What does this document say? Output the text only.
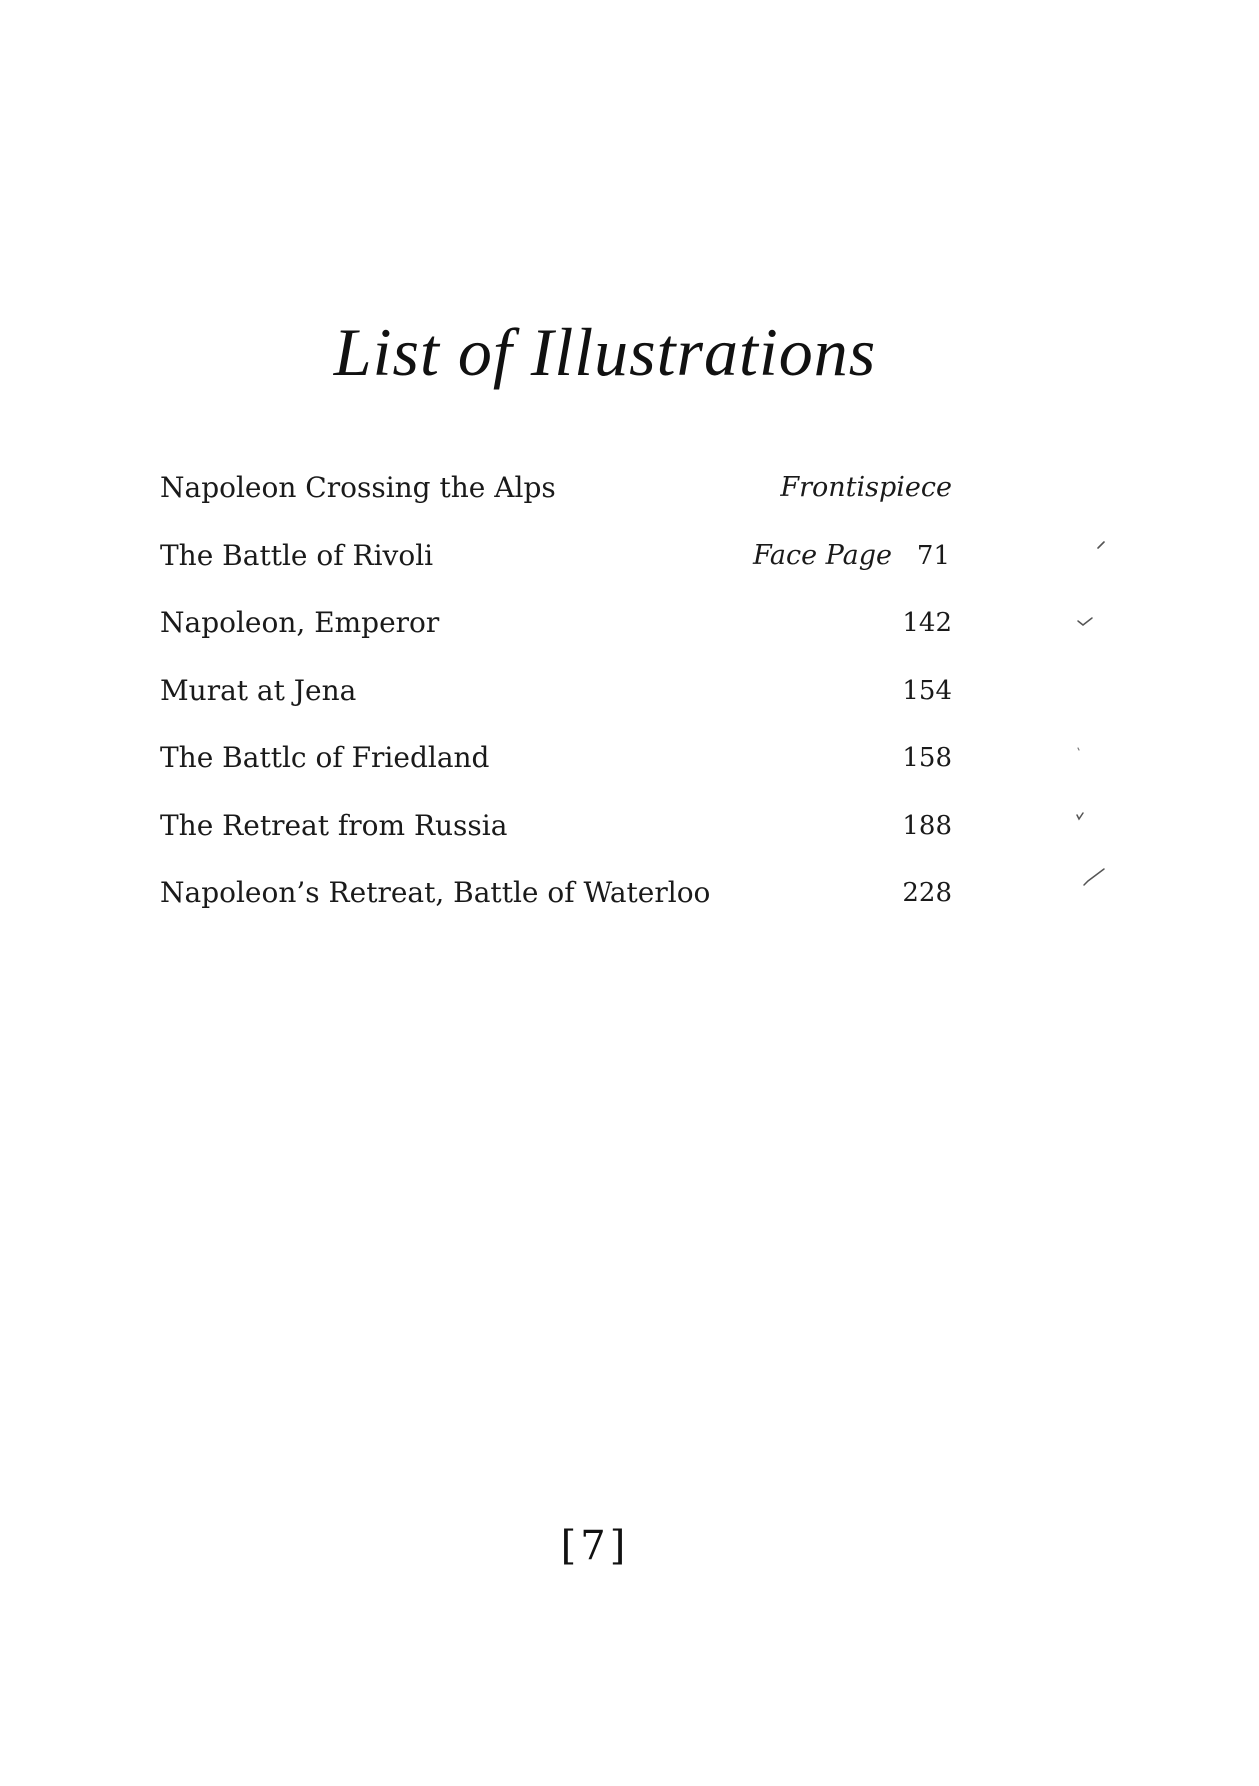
List of Illustrations
Napoleon Crossing the Alps	Frontispiece
The Battle of Rivoli	Face Page 71
Napoleon, Emperor	142
Murat at Jena	154
The Battlc of Friedland	158
The Retreat from Russia	188
Napoleon’s Retreat, Battle of Waterloo	228
[7]
